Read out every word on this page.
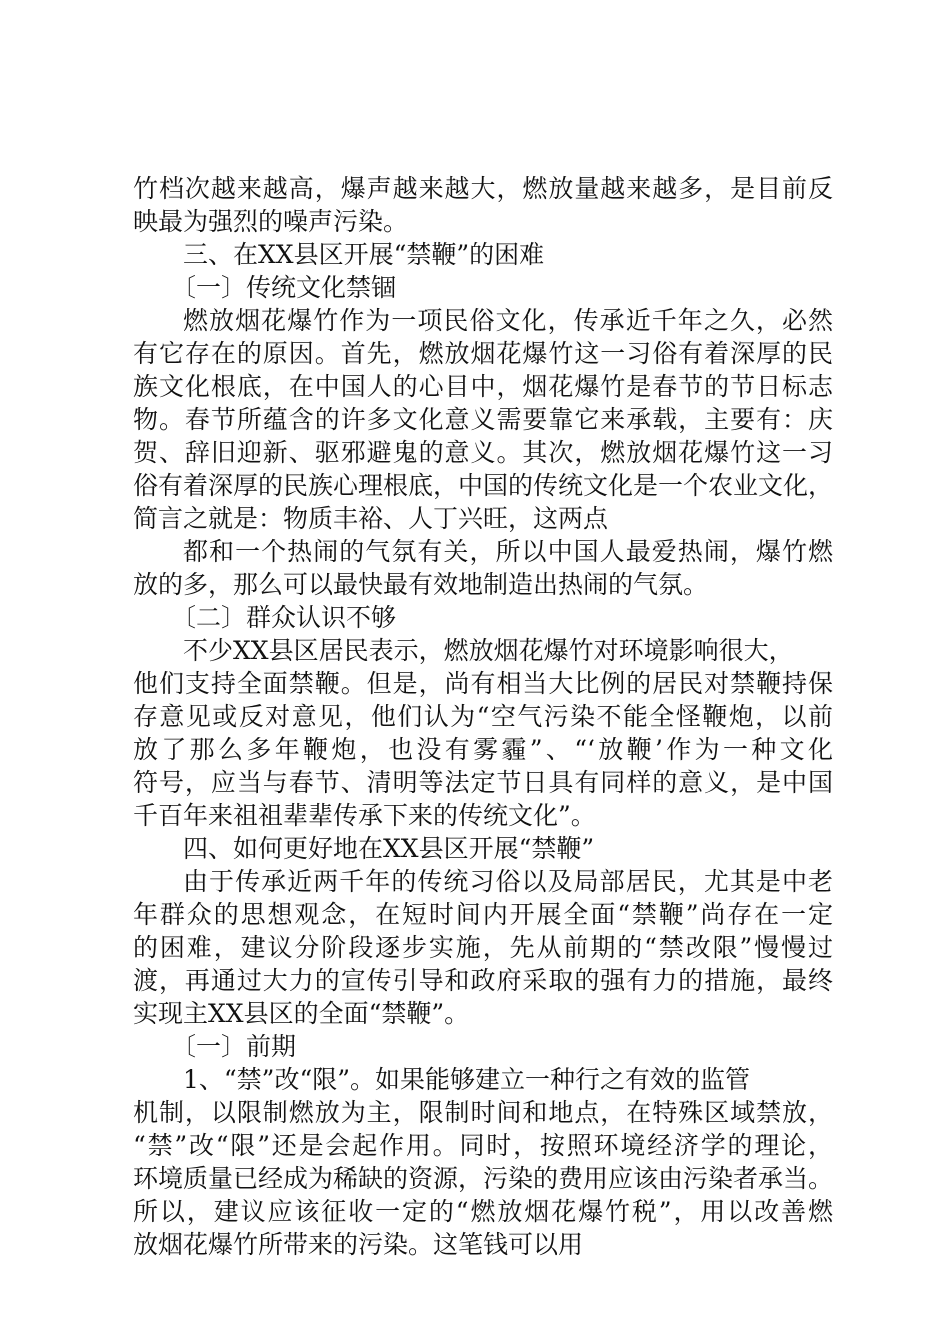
竹档次越来越高，爆声越来越大，燃放量越来越多，是目前反
映最为强烈的噪声污染。
三、在XX县区开展“禁鞭”的困难
〔一〕传统文化禁锢
燃放烟花爆竹作为一项民俗文化，传承近千年之久，必然
有它存在的原因。首先，燃放烟花爆竹这一习俗有着深厚的民
族文化根底，在中国人的心目中，烟花爆竹是春节的节日标志
物。春节所蕴含的许多文化意义需要靠它来承载，主要有：庆
贺、辞旧迎新、驱邪避鬼的意义。其次，燃放烟花爆竹这一习
俗有着深厚的民族心理根底，中国的传统文化是一个农业文化，
简言之就是：物质丰裕、人丁兴旺，这两点
都和一个热闹的气氛有关，所以中国人最爱热闹，爆竹燃
放的多，那么可以最快最有效地制造出热闹的气氛。
〔二〕群众认识不够
不少XX县区居民表示，燃放烟花爆竹对环境影响很大，
他们支持全面禁鞭。但是，尚有相当大比例的居民对禁鞭持保
存意见或反对意见，他们认为“空气污染不能全怪鞭炮，以前
放了那么多年鞭炮，也没有雾霾”、“‘放鞭’作为一种文化
符号，应当与春节、清明等法定节日具有同样的意义，是中国
千百年来祖祖辈辈传承下来的传统文化”。
四、如何更好地在XX县区开展“禁鞭”
由于传承近两千年的传统习俗以及局部居民，尤其是中老
年群众的思想观念，在短时间内开展全面“禁鞭”尚存在一定
的困难，建议分阶段逐步实施，先从前期的“禁改限”慢慢过
渡，再通过大力的宣传引导和政府采取的强有力的措施，最终
实现主XX县区的全面“禁鞭”。
〔一〕前期
1、“禁”改“限”。如果能够建立一种行之有效的监管
机制，以限制燃放为主，限制时间和地点，在特殊区域禁放，
“禁”改“限”还是会起作用。同时，按照环境经济学的理论，
环境质量已经成为稀缺的资源，污染的费用应该由污染者承当。
所以，建议应该征收一定的“燃放烟花爆竹税”，用以改善燃
放烟花爆竹所带来的污染。这笔钱可以用
